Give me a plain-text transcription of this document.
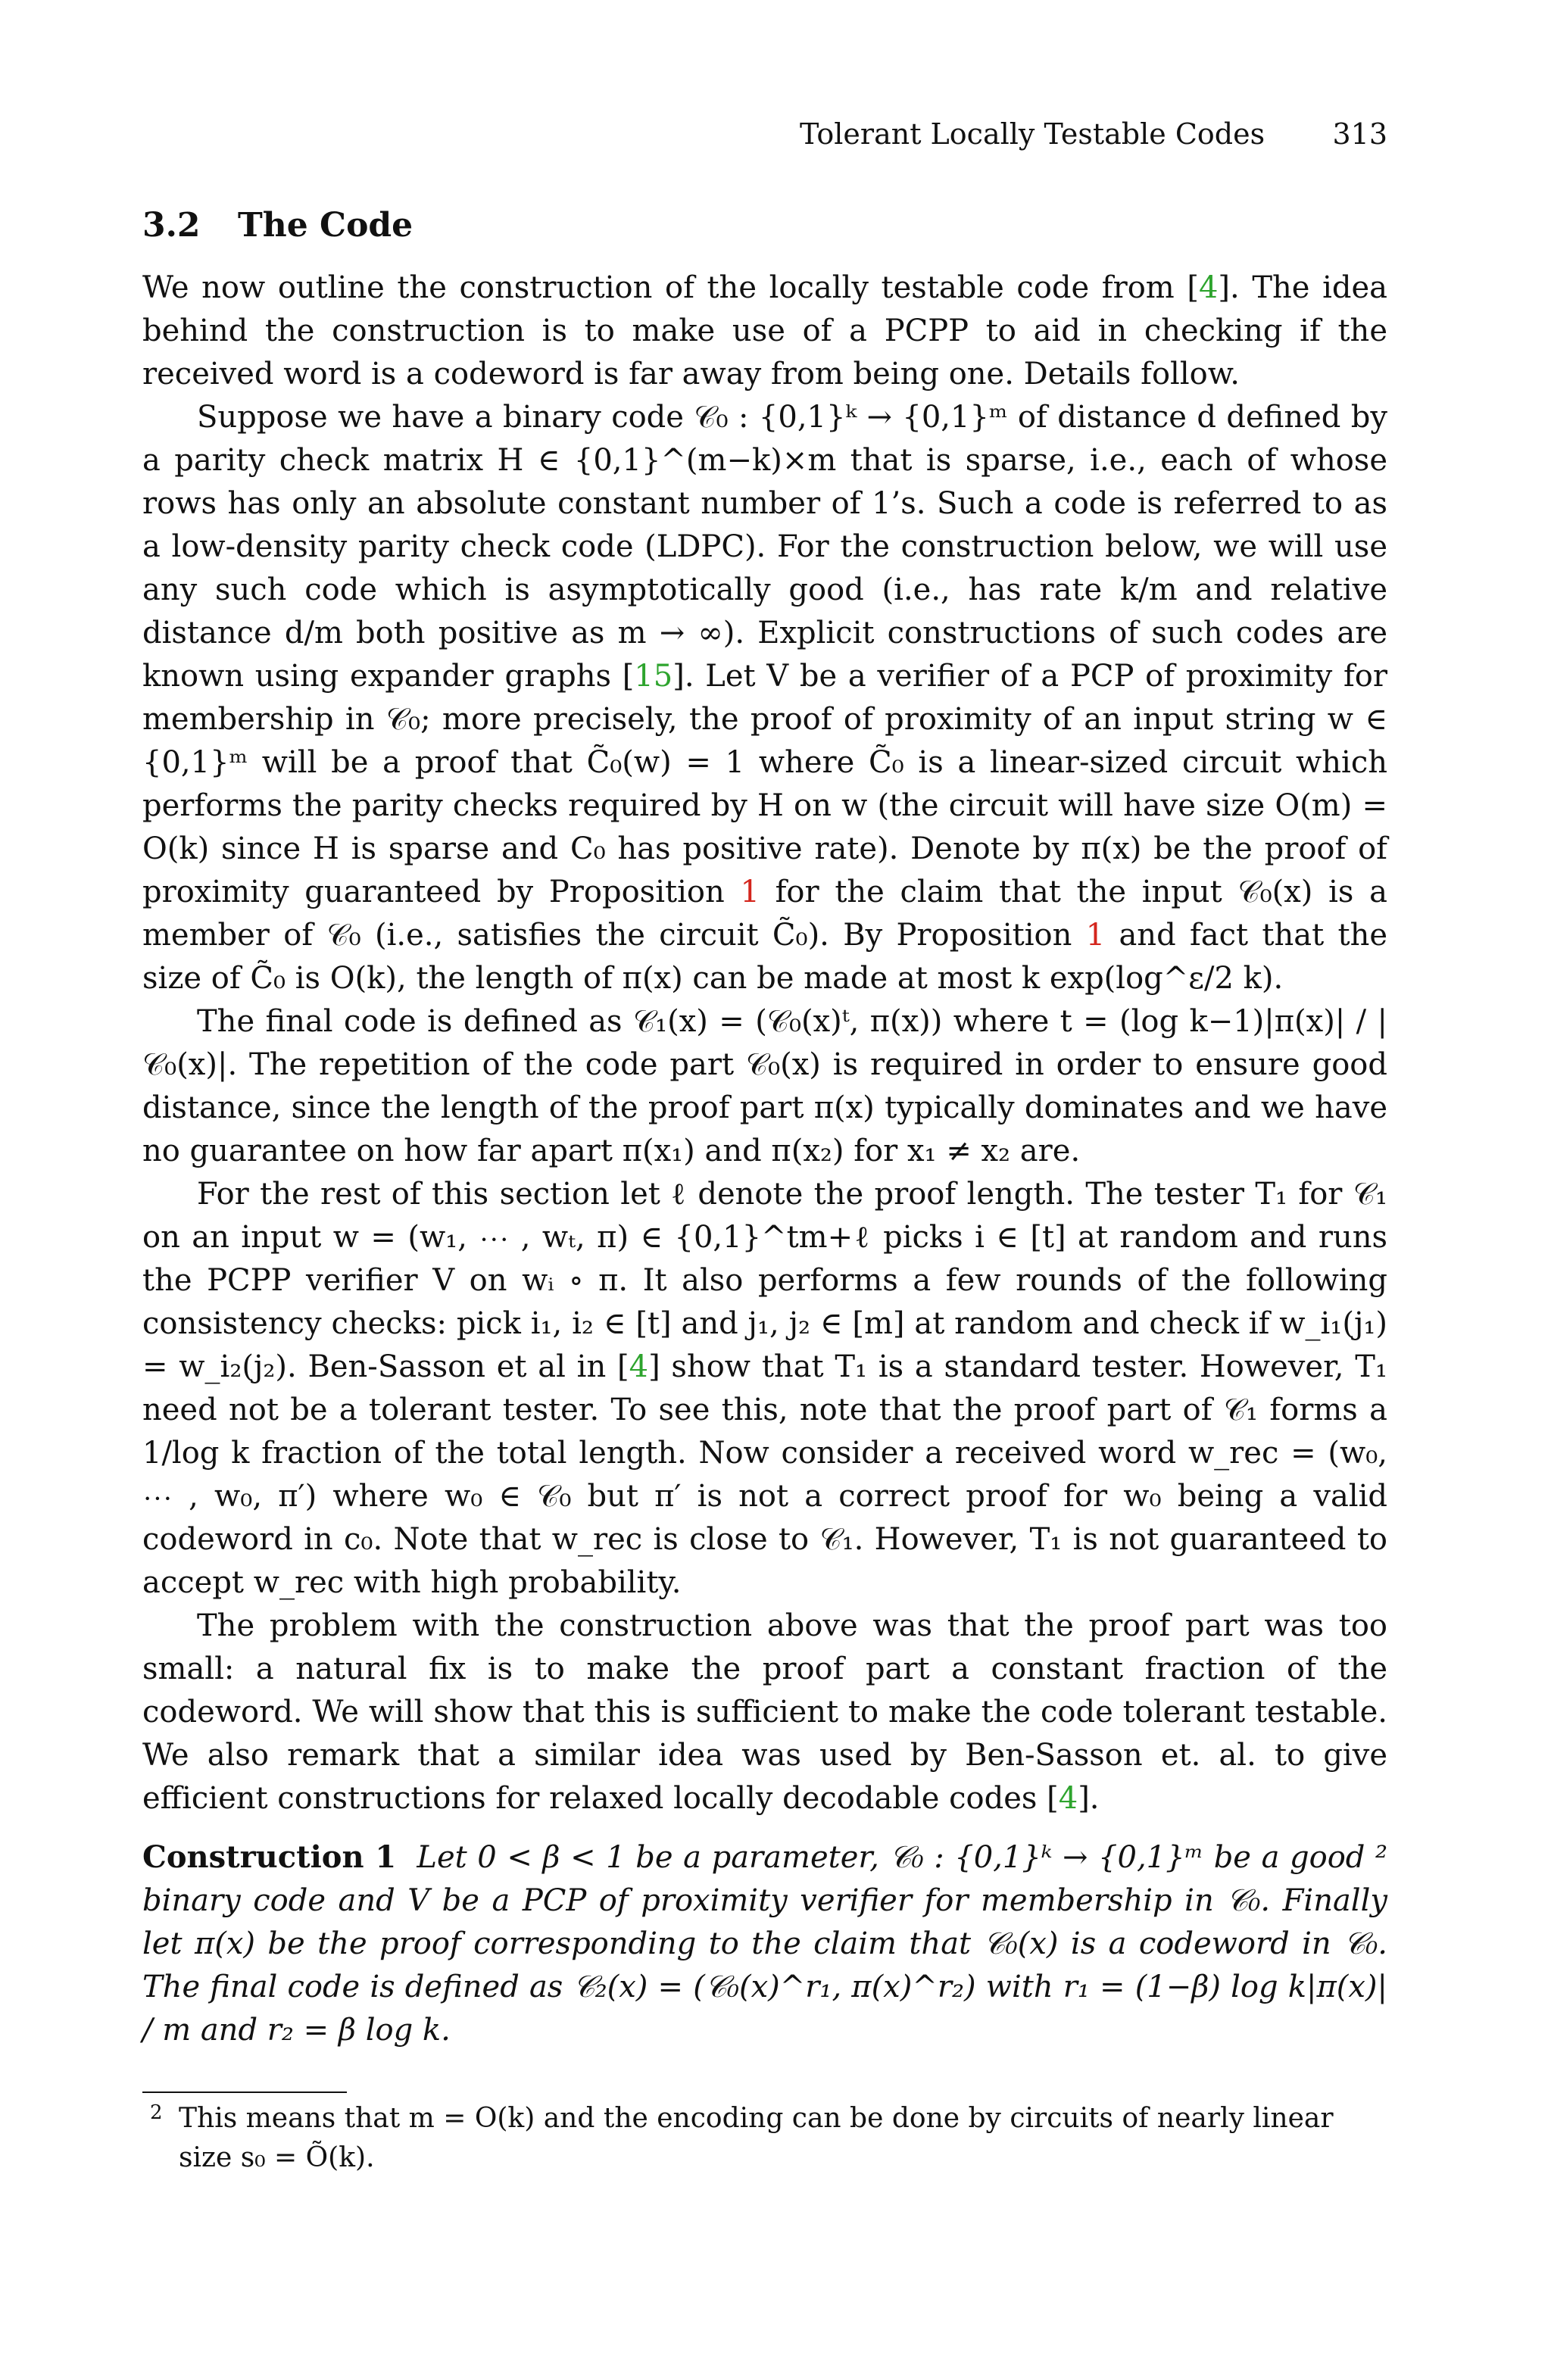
Tolerant Locally Testable Codes 313
3.2 The Code

We now outline the construction of the locally testable code from [4]. The idea behind the construction is to make use of a PCPP to aid in checking if the received word is a codeword is far away from being one. Details follow.

Suppose we have a binary code 𝒞₀ : {0,1}ᵏ → {0,1}ᵐ of distance d defined by a parity check matrix H ∈ {0,1}^(m−k)×m that is sparse, i.e., each of whose rows has only an absolute constant number of 1’s. Such a code is referred to as a low-density parity check code (LDPC). For the construction below, we will use any such code which is asymptotically good (i.e., has rate k/m and relative distance d/m both positive as m → ∞). Explicit constructions of such codes are known using expander graphs [15]. Let V be a verifier of a PCP of proximity for membership in 𝒞₀; more precisely, the proof of proximity of an input string w ∈ {0,1}ᵐ will be a proof that C̃₀(w) = 1 where C̃₀ is a linear-sized circuit which performs the parity checks required by H on w (the circuit will have size O(m) = O(k) since H is sparse and C₀ has positive rate). Denote by π(x) be the proof of proximity guaranteed by Proposition 1 for the claim that the input 𝒞₀(x) is a member of 𝒞₀ (i.e., satisfies the circuit C̃₀). By Proposition 1 and fact that the size of C̃₀ is O(k), the length of π(x) can be made at most k exp(log^ε/2 k).

The final code is defined as 𝒞₁(x) = (𝒞₀(x)ᵗ, π(x)) where t = (log k−1)|π(x)| / |𝒞₀(x)|. The repetition of the code part 𝒞₀(x) is required in order to ensure good distance, since the length of the proof part π(x) typically dominates and we have no guarantee on how far apart π(x₁) and π(x₂) for x₁ ≠ x₂ are.

For the rest of this section let ℓ denote the proof length. The tester T₁ for 𝒞₁ on an input w = (w₁, ⋯ , wₜ, π) ∈ {0,1}^tm+ℓ picks i ∈ [t] at random and runs the PCPP verifier V on wᵢ ∘ π. It also performs a few rounds of the following consistency checks: pick i₁, i₂ ∈ [t] and j₁, j₂ ∈ [m] at random and check if w_i₁(j₁) = w_i₂(j₂). Ben-Sasson et al in [4] show that T₁ is a standard tester. However, T₁ need not be a tolerant tester. To see this, note that the proof part of 𝒞₁ forms a 1/log k fraction of the total length. Now consider a received word w_rec = (w₀, ⋯ , w₀, π′) where w₀ ∈ 𝒞₀ but π′ is not a correct proof for w₀ being a valid codeword in c₀. Note that w_rec is close to 𝒞₁. However, T₁ is not guaranteed to accept w_rec with high probability.

The problem with the construction above was that the proof part was too small: a natural fix is to make the proof part a constant fraction of the codeword. We will show that this is sufficient to make the code tolerant testable. We also remark that a similar idea was used by Ben-Sasson et. al. to give efficient constructions for relaxed locally decodable codes [4].

Construction 1 Let 0 < β < 1 be a parameter, 𝒞₀ : {0,1}ᵏ → {0,1}ᵐ be a good ² binary code and V be a PCP of proximity verifier for membership in 𝒞₀. Finally let π(x) be the proof corresponding to the claim that 𝒞₀(x) is a codeword in 𝒞₀. The final code is defined as 𝒞₂(x) = (𝒞₀(x)^r₁, π(x)^r₂) with r₁ = (1−β) log k|π(x)| / m and r₂ = β log k.

2 This means that m = O(k) and the encoding can be done by circuits of nearly linear size s₀ = Õ(k).
